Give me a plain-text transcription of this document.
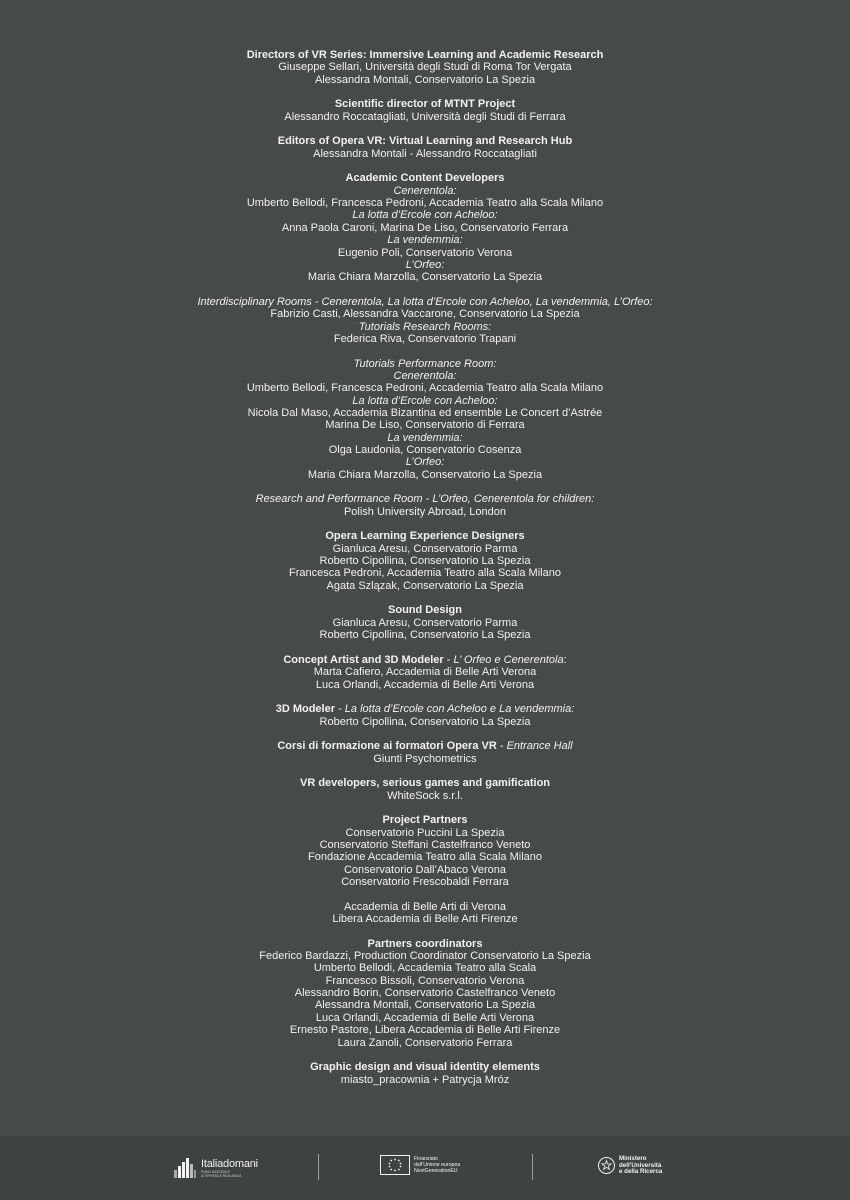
Directors of VR Series: Immersive Learning and Academic Research
Giuseppe Sellari, Università degli Studi di Roma Tor Vergata
Alessandra Montali, Conservatorio La Spezia
Scientific director of MTNT Project
Alessandro Roccatagliati, Università degli Studi di Ferrara
Editors of Opera VR: Virtual Learning and Research Hub
Alessandra Montali - Alessandro Roccatagliati
Academic Content Developers
Cenerentola:
Umberto Bellodi, Francesca Pedroni, Accademia Teatro alla Scala Milano
La lotta d’Ercole con Acheloo:
Anna Paola Caroni, Marina De Liso, Conservatorio Ferrara
La vendemmia:
Eugenio Poli, Conservatorio Verona
L’Orfeo:
Maria Chiara Marzolla, Conservatorio La Spezia
Interdisciplinary Rooms - Cenerentola, La lotta d’Ercole con Acheloo, La vendemmia, L’Orfeo:
Fabrizio Casti, Alessandra Vaccarone, Conservatorio La Spezia
Tutorials Research Rooms:
Federica Riva, Conservatorio Trapani
Tutorials Performance Room:
Cenerentola:
Umberto Bellodi, Francesca Pedroni, Accademia Teatro alla Scala Milano
La lotta d’Ercole con Acheloo:
Nicola Dal Maso, Accademia Bizantina ed ensemble Le Concert d’Astrée
Marina De Liso, Conservatorio di Ferrara
La vendemmia:
Olga Laudonia, Conservatorio Cosenza
L’Orfeo:
Maria Chiara Marzolla, Conservatorio La Spezia
Research and Performance Room - L’Orfeo, Cenerentola for children:
Polish University Abroad, London
Opera Learning Experience Designers
Gianluca Aresu, Conservatorio Parma
Roberto Cipollina, Conservatorio La Spezia
Francesca Pedroni, Accademia Teatro alla Scala Milano
Agata Szlązak, Conservatorio La Spezia
Sound Design
Gianluca Aresu, Conservatorio Parma
Roberto Cipollina, Conservatorio La Spezia
Concept Artist and 3D Modeler - L’ Orfeo e Cenerentola:
Marta Cafiero, Accademia di Belle Arti Verona
Luca Orlandi, Accademia di Belle Arti Verona
3D Modeler - La lotta d’Ercole con Acheloo e La vendemmia:
Roberto Cipollina, Conservatorio La Spezia
Corsi di formazione ai formatori Opera VR - Entrance Hall
Giunti Psychometrics
VR developers, serious games and gamification
WhiteSock s.r.l.
Project Partners
Conservatorio Puccini La Spezia
Conservatorio Steffani Castelfranco Veneto
Fondazione Accademia Teatro alla Scala Milano
Conservatorio Dall’Abaco Verona
Conservatorio Frescobaldi Ferrara
Accademia di Belle Arti di Verona
Libera Accademia di Belle Arti Firenze
Partners coordinators
Federico Bardazzi, Production Coordinator Conservatorio La Spezia
Umberto Bellodi, Accademia Teatro alla Scala
Francesco Bissoli, Conservatorio Verona
Alessandro Borin, Conservatorio Castelfranco Veneto
Alessandra Montali, Conservatorio La Spezia
Luca Orlandi, Accademia di Belle Arti Verona
Ernesto Pastore, Libera Accademia di Belle Arti Firenze
Laura Zanoli, Conservatorio Ferrara
Graphic design and visual identity elements
miasto_pracownia + Patrycja Mróz
Italiadomani
PIANO NAZIONALE
DI RIPRESA E RESILIENZA
Finanziato
dall’Unione europea
NextGenerationEU
Ministero
dell’Università
e della Ricerca
